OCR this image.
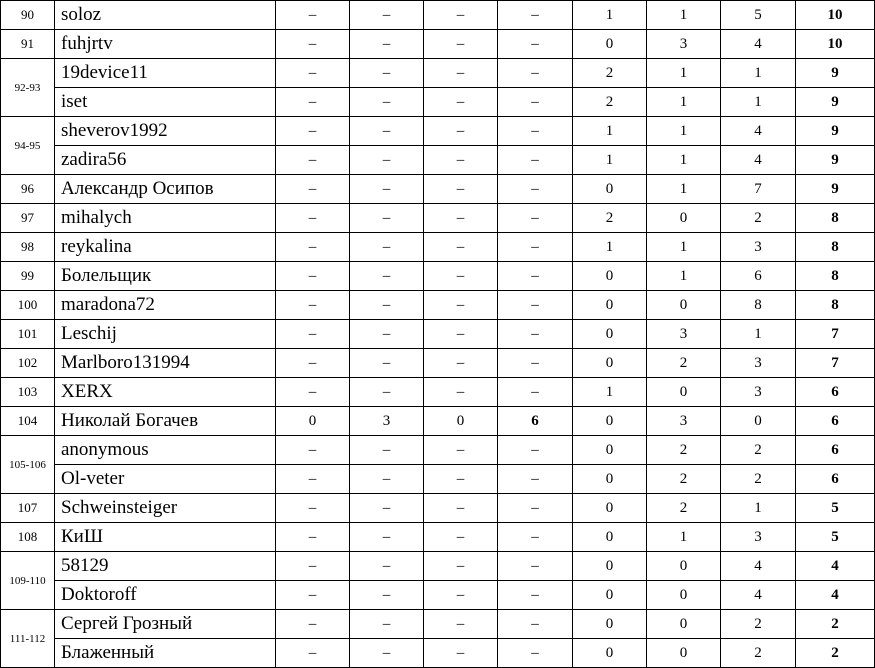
90	soloz	–	–	–	–	1	1	5	10
91	fuhjrtv	–	–	–	–	0	3	4	10
92-93	19device11	–	–	–	–	2	1	1	9
	iset	–	–	–	–	2	1	1	9
94-95	sheverov1992	–	–	–	–	1	1	4	9
	zadira56	–	–	–	–	1	1	4	9
96	Александр Осипов	–	–	–	–	0	1	7	9
97	mihalych	–	–	–	–	2	0	2	8
98	reykalina	–	–	–	–	1	1	3	8
99	Болельщик	–	–	–	–	0	1	6	8
100	maradona72	–	–	–	–	0	0	8	8
101	Leschij	–	–	–	–	0	3	1	7
102	Marlboro131994	–	–	–	–	0	2	3	7
103	XERX	–	–	–	–	1	0	3	6
104	Николай Богачев	0	3	0	6	0	3	0	6
105-106	anonymous	–	–	–	–	0	2	2	6
	Ol-veter	–	–	–	–	0	2	2	6
107	Schweinsteiger	–	–	–	–	0	2	1	5
108	КиШ	–	–	–	–	0	1	3	5
109-110	58129	–	–	–	–	0	0	4	4
	Doktoroff	–	–	–	–	0	0	4	4
111-112	Сергей Грозный	–	–	–	–	0	0	2	2
	Блаженный	–	–	–	–	0	0	2	2
